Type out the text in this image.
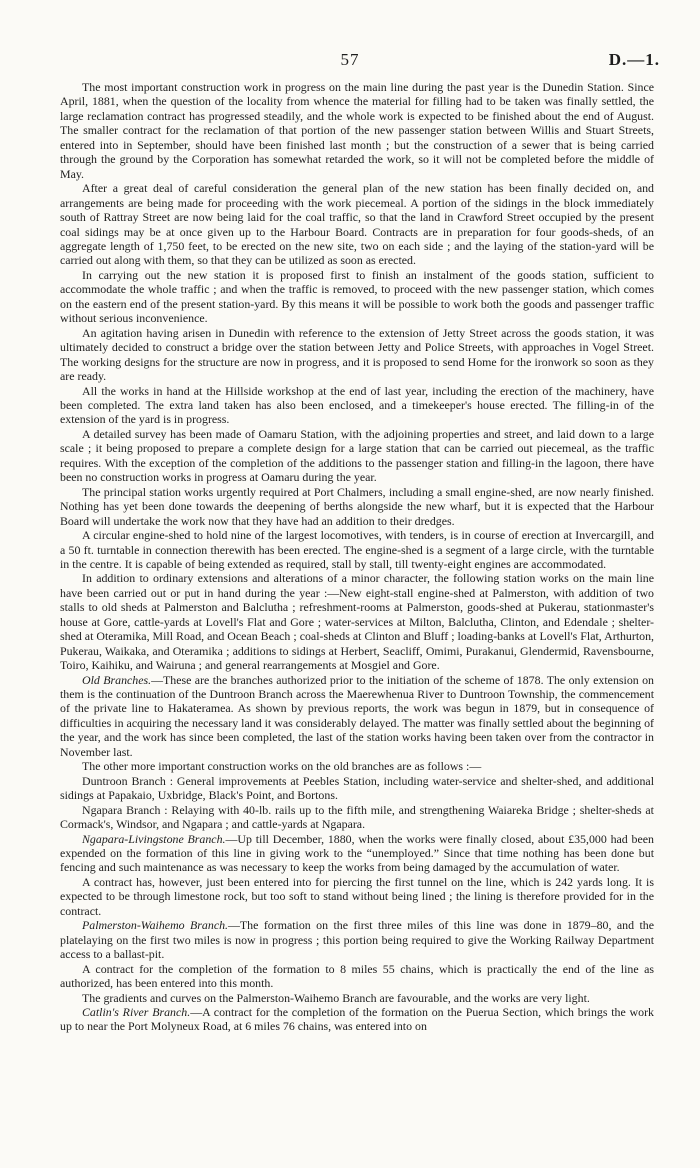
57	D.—1.

The most important construction work in progress on the main line during the past year is the Dunedin Station. Since April, 1881, when the question of the locality from whence the material for filling had to be taken was finally settled, the large reclamation contract has progressed steadily, and the whole work is expected to be finished about the end of August. The smaller contract for the reclamation of that portion of the new passenger station between Willis and Stuart Streets, entered into in September, should have been finished last month ; but the construction of a sewer that is being carried through the ground by the Corporation has somewhat retarded the work, so it will not be completed before the middle of May.

After a great deal of careful consideration the general plan of the new station has been finally decided on, and arrangements are being made for proceeding with the work piecemeal. A portion of the sidings in the block immediately south of Rattray Street are now being laid for the coal traffic, so that the land in Crawford Street occupied by the present coal sidings may be at once given up to the Harbour Board. Contracts are in preparation for four goods-sheds, of an aggregate length of 1,750 feet, to be erected on the new site, two on each side ; and the laying of the station-yard will be carried out along with them, so that they can be utilized as soon as erected.

In carrying out the new station it is proposed first to finish an instalment of the goods station, sufficient to accommodate the whole traffic ; and when the traffic is removed, to proceed with the new passenger station, which comes on the eastern end of the present station-yard. By this means it will be possible to work both the goods and passenger traffic without serious inconvenience.

An agitation having arisen in Dunedin with reference to the extension of Jetty Street across the goods station, it was ultimately decided to construct a bridge over the station between Jetty and Police Streets, with approaches in Vogel Street. The working designs for the structure are now in progress, and it is proposed to send Home for the ironwork so soon as they are ready.

All the works in hand at the Hillside workshop at the end of last year, including the erection of the machinery, have been completed. The extra land taken has also been enclosed, and a timekeeper's house erected. The filling-in of the extension of the yard is in progress.

A detailed survey has been made of Oamaru Station, with the adjoining properties and street, and laid down to a large scale ; it being proposed to prepare a complete design for a large station that can be carried out piecemeal, as the traffic requires. With the exception of the completion of the additions to the passenger station and filling-in the lagoon, there have been no construction works in progress at Oamaru during the year.

The principal station works urgently required at Port Chalmers, including a small engine-shed, are now nearly finished. Nothing has yet been done towards the deepening of berths alongside the new wharf, but it is expected that the Harbour Board will undertake the work now that they have had an addition to their dredges.

A circular engine-shed to hold nine of the largest locomotives, with tenders, is in course of erection at Invercargill, and a 50 ft. turntable in connection therewith has been erected. The engine-shed is a segment of a large circle, with the turntable in the centre. It is capable of being extended as required, stall by stall, till twenty-eight engines are accommodated.

In addition to ordinary extensions and alterations of a minor character, the following station works on the main line have been carried out or put in hand during the year :—New eight-stall engine-shed at Palmerston, with addition of two stalls to old sheds at Palmerston and Balclutha ; refreshment-rooms at Palmerston, goods-shed at Pukerau, stationmaster's house at Gore, cattle-yards at Lovell's Flat and Gore ; water-services at Milton, Balclutha, Clinton, and Edendale ; shelter-shed at Oteramika, Mill Road, and Ocean Beach ; coal-sheds at Clinton and Bluff ; loading-banks at Lovell's Flat, Arthurton, Pukerau, Waikaka, and Oteramika ; additions to sidings at Herbert, Seacliff, Omimi, Purakanui, Glendermid, Ravensbourne, Toiro, Kaihiku, and Wairuna ; and general rearrangements at Mosgiel and Gore.

Old Branches.—These are the branches authorized prior to the initiation of the scheme of 1878. The only extension on them is the continuation of the Duntroon Branch across the Maerewhenua River to Duntroon Township, the commencement of the private line to Hakateramea. As shown by previous reports, the work was begun in 1879, but in consequence of difficulties in acquiring the necessary land it was considerably delayed. The matter was finally settled about the beginning of the year, and the work has since been completed, the last of the station works having been taken over from the contractor in November last.

The other more important construction works on the old branches are as follows :—

Duntroon Branch : General improvements at Peebles Station, including water-service and shelter-shed, and additional sidings at Papakaio, Uxbridge, Black's Point, and Bortons.

Ngapara Branch : Relaying with 40-lb. rails up to the fifth mile, and strengthening Waiareka Bridge ; shelter-sheds at Cormack's, Windsor, and Ngapara ; and cattle-yards at Ngapara.

Ngapara-Livingstone Branch.—Up till December, 1880, when the works were finally closed, about £35,000 had been expended on the formation of this line in giving work to the “unemployed.” Since that time nothing has been done but fencing and such maintenance as was necessary to keep the works from being damaged by the accumulation of water.

A contract has, however, just been entered into for piercing the first tunnel on the line, which is 242 yards long. It is expected to be through limestone rock, but too soft to stand without being lined ; the lining is therefore provided for in the contract.

Palmerston-Waihemo Branch.—The formation on the first three miles of this line was done in 1879–80, and the platelaying on the first two miles is now in progress ; this portion being required to give the Working Railway Department access to a ballast-pit.

A contract for the completion of the formation to 8 miles 55 chains, which is practically the end of the line as authorized, has been entered into this month.

The gradients and curves on the Palmerston-Waihemo Branch are favourable, and the works are very light.

Catlin's River Branch.—A contract for the completion of the formation on the Puerua Section, which brings the work up to near the Port Molyneux Road, at 6 miles 76 chains, was entered into on
